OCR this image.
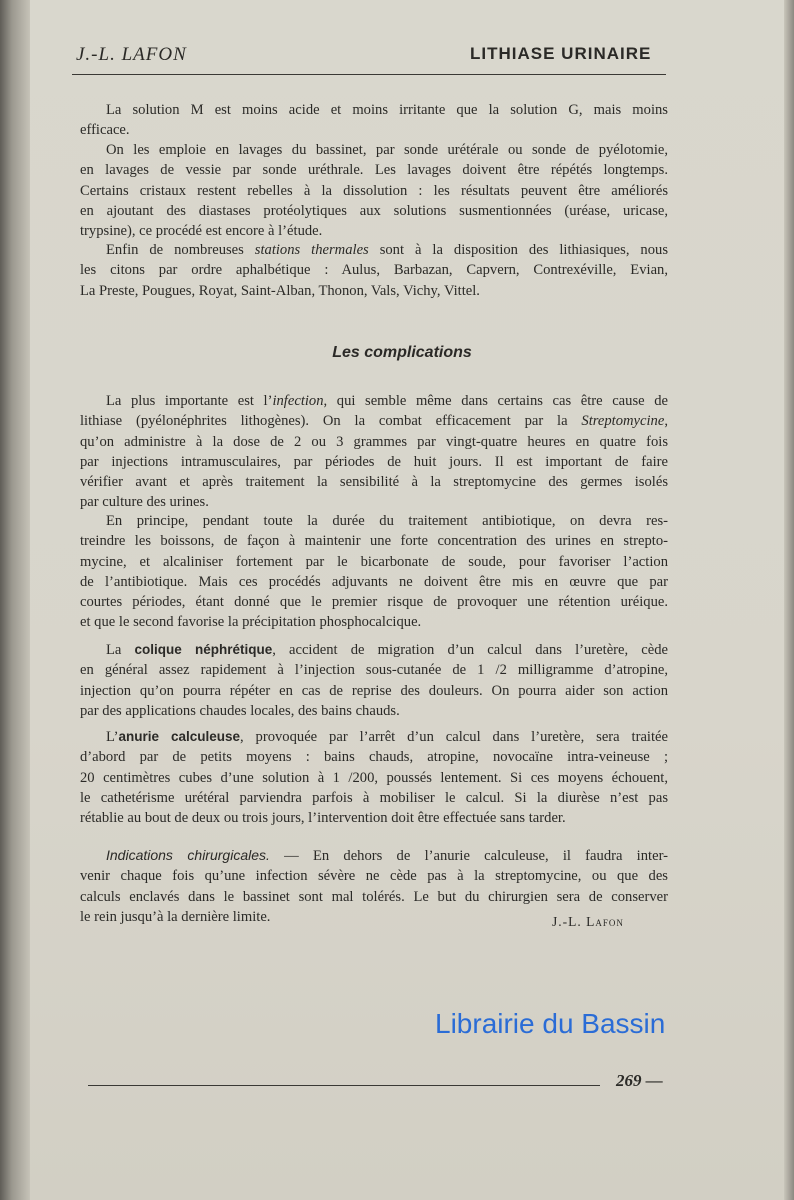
J.-L. LAFON	LITHIASE URINAIRE
La solution M est moins acide et moins irritante que la solution G, mais moins
efficace.
On les emploie en lavages du bassinet, par sonde urétérale ou sonde de pyélotomie,
en lavages de vessie par sonde uréthrale. Les lavages doivent être répétés longtemps.
Certains cristaux restent rebelles à la dissolution : les résultats peuvent être améliorés
en ajoutant des diastases protéolytiques aux solutions susmentionnées (uréase, uricase,
trypsine), ce procédé est encore à l’étude.
Enfin de nombreuses stations thermales sont à la disposition des lithiasiques, nous
les citons par ordre aphalbétique : Aulus, Barbazan, Capvern, Contrexéville, Evian,
La Preste, Pougues, Royat, Saint-Alban, Thonon, Vals, Vichy, Vittel.
Les complications
La plus importante est l’infection, qui semble même dans certains cas être cause de
lithiase (pyélonéphrites lithogènes). On la combat efficacement par la Streptomycine,
qu’on administre à la dose de 2 ou 3 grammes par vingt-quatre heures en quatre fois
par injections intramusculaires, par périodes de huit jours. Il est important de faire
vérifier avant et après traitement la sensibilité à la streptomycine des germes isolés
par culture des urines.
En principe, pendant toute la durée du traitement antibiotique, on devra res-
treindre les boissons, de façon à maintenir une forte concentration des urines en strepto-
mycine, et alcaliniser fortement par le bicarbonate de soude, pour favoriser l’action
de l’antibiotique. Mais ces procédés adjuvants ne doivent être mis en œuvre que par
courtes périodes, étant donné que le premier risque de provoquer une rétention uréique.
et que le second favorise la précipitation phosphocalcique.
La colique néphrétique, accident de migration d’un calcul dans l’uretère, cède
en général assez rapidement à l’injection sous-cutanée de 1 /2 milligramme d’atropine,
injection qu’on pourra répéter en cas de reprise des douleurs. On pourra aider son action
par des applications chaudes locales, des bains chauds.
L’anurie calculeuse, provoquée par l’arrêt d’un calcul dans l’uretère, sera traitée
d’abord par de petits moyens : bains chauds, atropine, novocaïne intra-veineuse ;
20 centimètres cubes d’une solution à 1 /200, poussés lentement. Si ces moyens échouent,
le cathetérisme urétéral parviendra parfois à mobiliser le calcul. Si la diurèse n’est pas
rétablie au bout de deux ou trois jours, l’intervention doit être effectuée sans tarder.
Indications chirurgicales. — En dehors de l’anurie calculeuse, il faudra inter-
venir chaque fois qu’une infection sévère ne cède pas à la streptomycine, ou que des
calculs enclavés dans le bassinet sont mal tolérés. Le but du chirurgien sera de conserver
le rein jusqu’à la dernière limite.	J.-L. Lafon
Librairie du Bassin
269 —
